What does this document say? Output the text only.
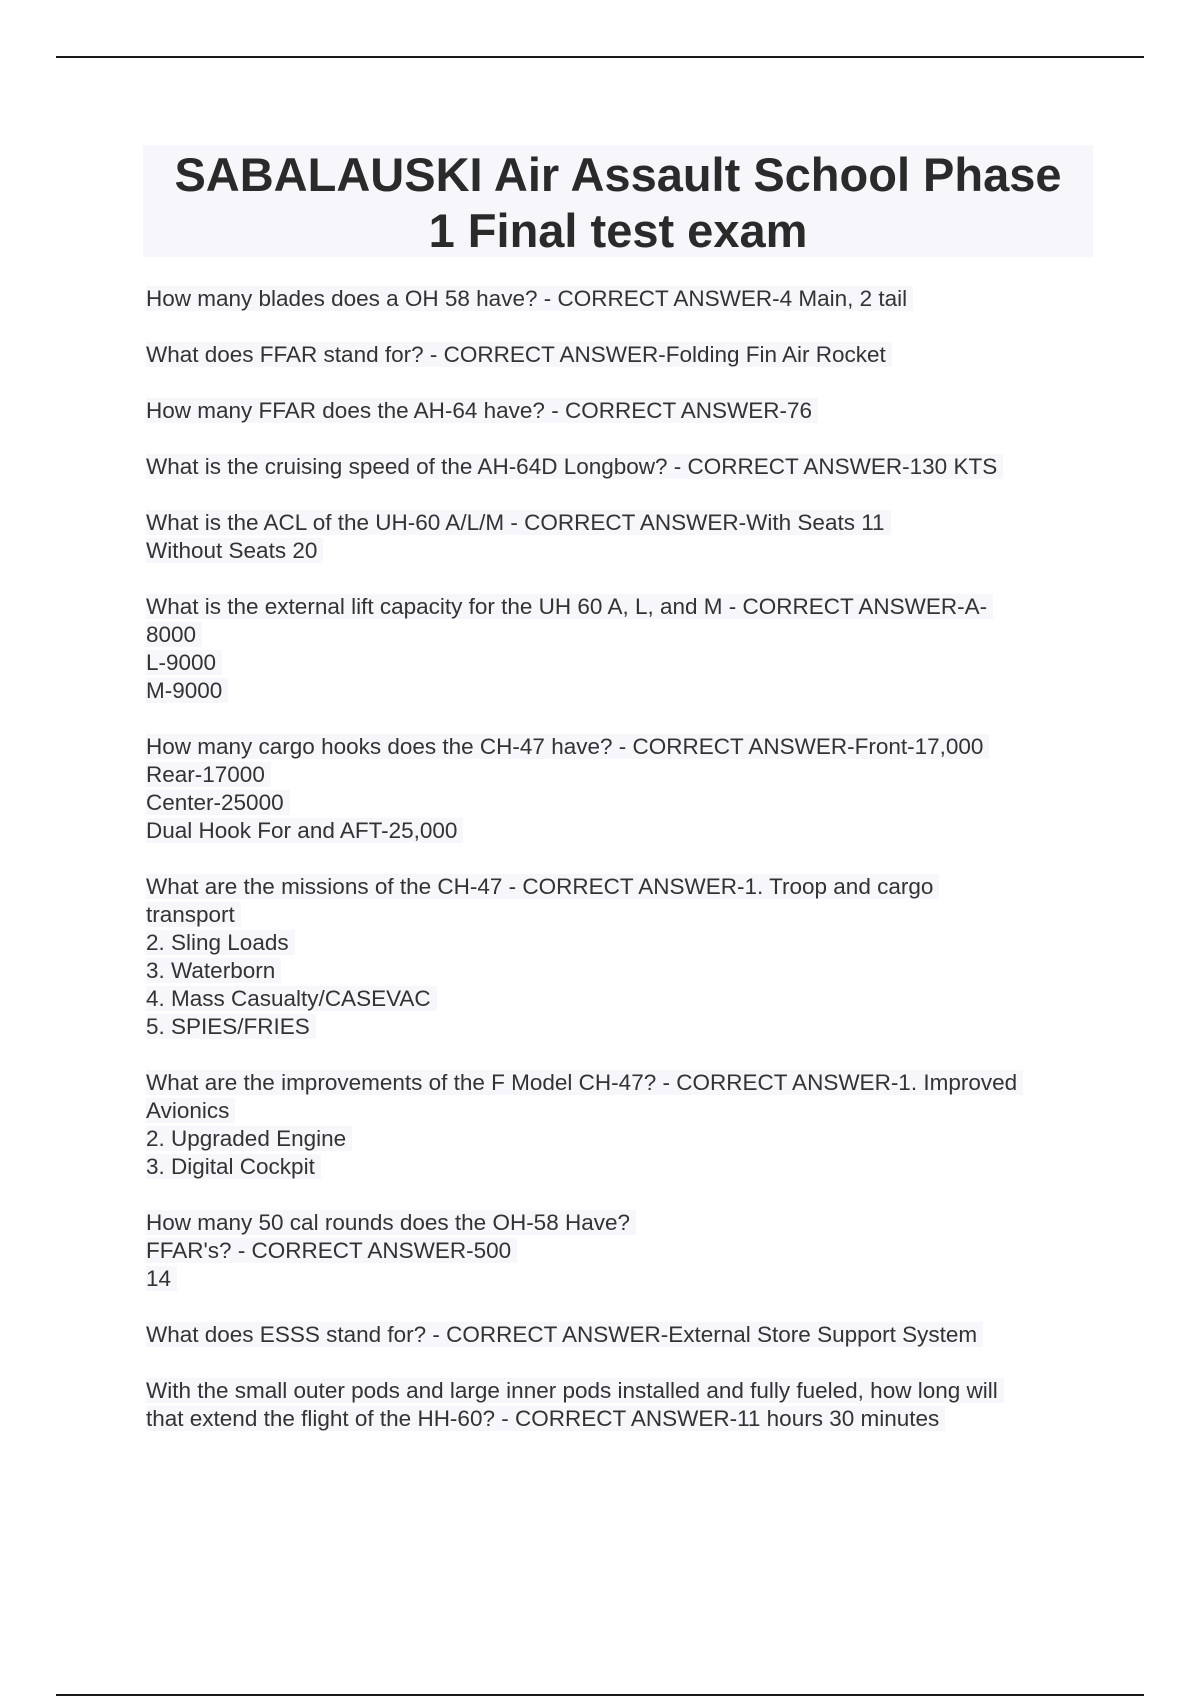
SABALAUSKI Air Assault School Phase
1 Final test exam
How many blades does a OH 58 have? - CORRECT ANSWER-4 Main, 2 tail
What does FFAR stand for? - CORRECT ANSWER-Folding Fin Air Rocket
How many FFAR does the AH-64 have? - CORRECT ANSWER-76
What is the cruising speed of the AH-64D Longbow? - CORRECT ANSWER-130 KTS
What is the ACL of the UH-60 A/L/M - CORRECT ANSWER-With Seats 11
Without Seats 20
What is the external lift capacity for the UH 60 A, L, and M - CORRECT ANSWER-A-
8000
L-9000
M-9000
How many cargo hooks does the CH-47 have? - CORRECT ANSWER-Front-17,000
Rear-17000
Center-25000
Dual Hook For and AFT-25,000
What are the missions of the CH-47 - CORRECT ANSWER-1. Troop and cargo
transport
2. Sling Loads
3. Waterborn
4. Mass Casualty/CASEVAC
5. SPIES/FRIES
What are the improvements of the F Model CH-47? - CORRECT ANSWER-1. Improved
Avionics
2. Upgraded Engine
3. Digital Cockpit
How many 50 cal rounds does the OH-58 Have?
FFAR's? - CORRECT ANSWER-500
14
What does ESSS stand for? - CORRECT ANSWER-External Store Support System
With the small outer pods and large inner pods installed and fully fueled, how long will
that extend the flight of the HH-60? - CORRECT ANSWER-11 hours 30 minutes
